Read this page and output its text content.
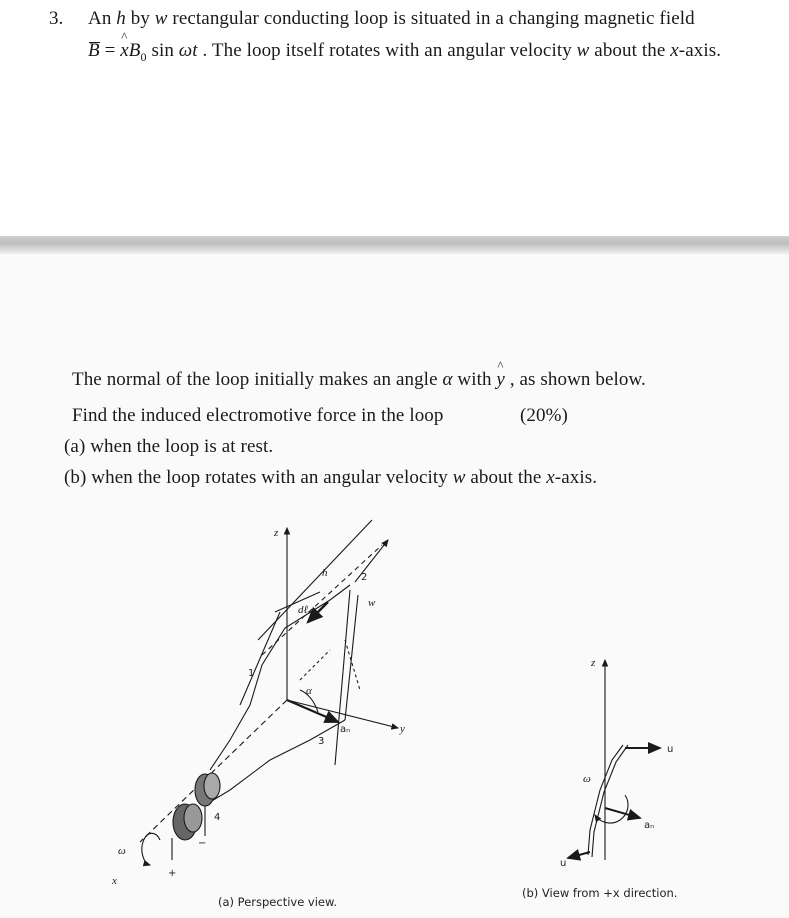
3. An h by w rectangular conducting loop is situated in a changing magnetic field
B = ^ $xB_0$ sin ωt . The loop itself rotates with an angular velocity w about the x-axis.
The normal of the loop initially makes an angle α with ^ y , as shown below.
Find the induced electromotive force in the loop	(20%)
(a) when the loop is at rest.
(b) when the loop rotates with an angular velocity w about the x-axis.
z
y
x
ω
h
w
dℓ
α
aₙ
1
2
3
4
+
−
z
ω
u
u
aₙ
(a) Perspective view.
(b) View from +x direction.
